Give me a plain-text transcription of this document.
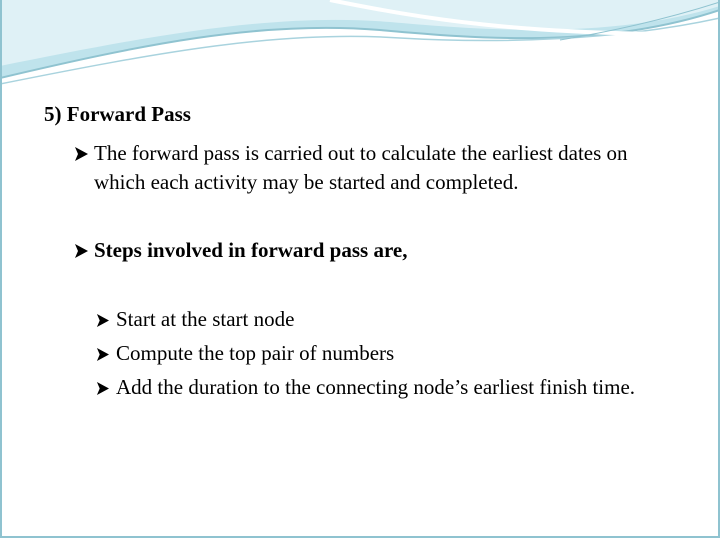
5) Forward Pass
The forward pass is carried out to calculate the earliest dates on which each activity may be started and completed.
Steps involved in forward pass are,
Start at the start node
Compute the top pair of numbers
Add the duration to the connecting node’s earliest finish time.
